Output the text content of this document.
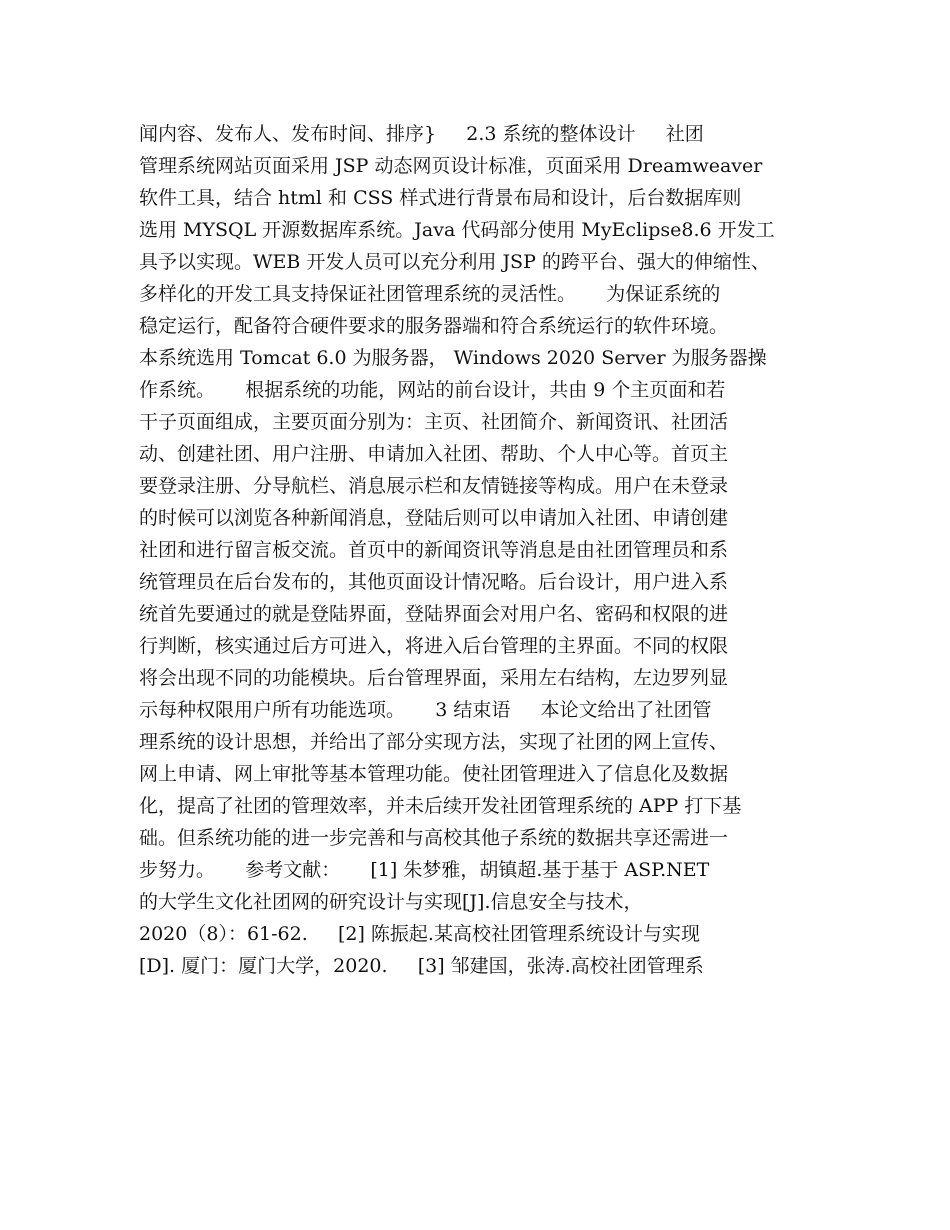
闻内容、发布人、发布时间、排序}     2.3 系统的整体设计     社团
管理系统网站页面采用 JSP 动态网页设计标准，页面采用 Dreamweaver
软件工具，结合 html 和 CSS 样式进行背景布局和设计，后台数据库则
选用 MYSQL 开源数据库系统。Java 代码部分使用 MyEclipse8.6 开发工
具予以实现。WEB 开发人员可以充分利用 JSP 的跨平台、强大的伸缩性、
多样化的开发工具支持保证社团管理系统的灵活性。     为保证系统的
稳定运行，配备符合硬件要求的服务器端和符合系统运行的软件环境。
本系统选用 Tomcat 6.0 为服务器， Windows 2020 Server 为服务器操
作系统。     根据系统的功能，网站的前台设计，共由 9 个主页面和若
干子页面组成，主要页面分别为：主页、社团简介、新闻资讯、社团活
动、创建社团、用户注册、申请加入社团、帮助、个人中心等。首页主
要登录注册、分导航栏、消息展示栏和友情链接等构成。用户在未登录
的时候可以浏览各种新闻消息，登陆后则可以申请加入社团、申请创建
社团和进行留言板交流。首页中的新闻资讯等消息是由社团管理员和系
统管理员在后台发布的，其他页面设计情况略。后台设计，用户进入系
统首先要通过的就是登陆界面，登陆界面会对用户名、密码和权限的进
行判断，核实通过后方可进入，将进入后台管理的主界面。不同的权限
将会出现不同的功能模块。后台管理界面，采用左右结构，左边罗列显
示每种权限用户所有功能选项。     3 结束语     本论文给出了社团管
理系统的设计思想，并给出了部分实现方法，实现了社团的网上宣传、
网上申请、网上审批等基本管理功能。使社团管理进入了信息化及数据
化，提高了社团的管理效率，并未后续开发社团管理系统的 APP 打下基
础。但系统功能的进一步完善和与高校其他子系统的数据共享还需进一
步努力。     参考文献：     [1] 朱梦雅，胡镇超.基于基于 ASP.NET
的大学生文化社团网的研究设计与实现[J].信息安全与技术，
2020（8）：61-62.     [2] 陈振起.某高校社团管理系统设计与实现
[D]. 厦门：厦门大学，2020.     [3] 邹建国，张涛.高校社团管理系
